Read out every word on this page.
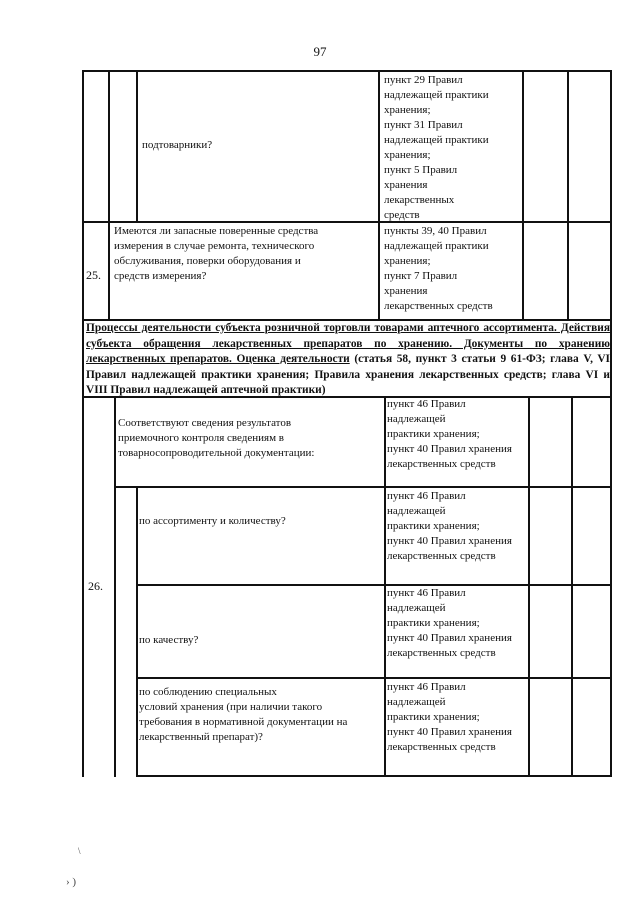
97
подтоварники?
пункт 29 Правил
надлежащей практики
хранения;
пункт 31 Правил
надлежащей практики
хранения;
пункт 5 Правил
хранения
лекарственных
средств
25.
Имеются ли запасные поверенные средства
измерения в случае ремонта, технического
обслуживания, поверки оборудования и
средств измерения?
пункты 39, 40 Правил
надлежащей практики
хранения;
пункт 7 Правил
хранения
лекарственных средств
Процессы деятельности субъекта розничной торговли товарами аптечного ассортимента. Действия субъекта обращения лекарственных препаратов по хранению. Документы по хранению лекарственных препаратов. Оценка деятельности (статья 58, пункт 3 статьи 9 61-ФЗ; глава V, VI Правил надлежащей практики хранения; Правила хранения лекарственных средств; глава VI и VIII Правил надлежащей аптечной практики)
26.
Соответствуют сведения результатов
приемочного контроля сведениям в
товарносопроводительной документации:
пункт 46 Правил
надлежащей
практики хранения;
пункт 40 Правил хранения
лекарственных средств
по ассортименту и количеству?
пункт 46 Правил
надлежащей
практики хранения;
пункт 40 Правил хранения
лекарственных средств
по качеству?
пункт 46 Правил
надлежащей
практики хранения;
пункт 40 Правил хранения
лекарственных средств
по соблюдению специальных
условий хранения (при наличии такого
требования в нормативной документации на
лекарственный препарат)?
пункт 46 Правил
надлежащей
практики хранения;
пункт 40 Правил хранения
лекарственных средств
› )
\
